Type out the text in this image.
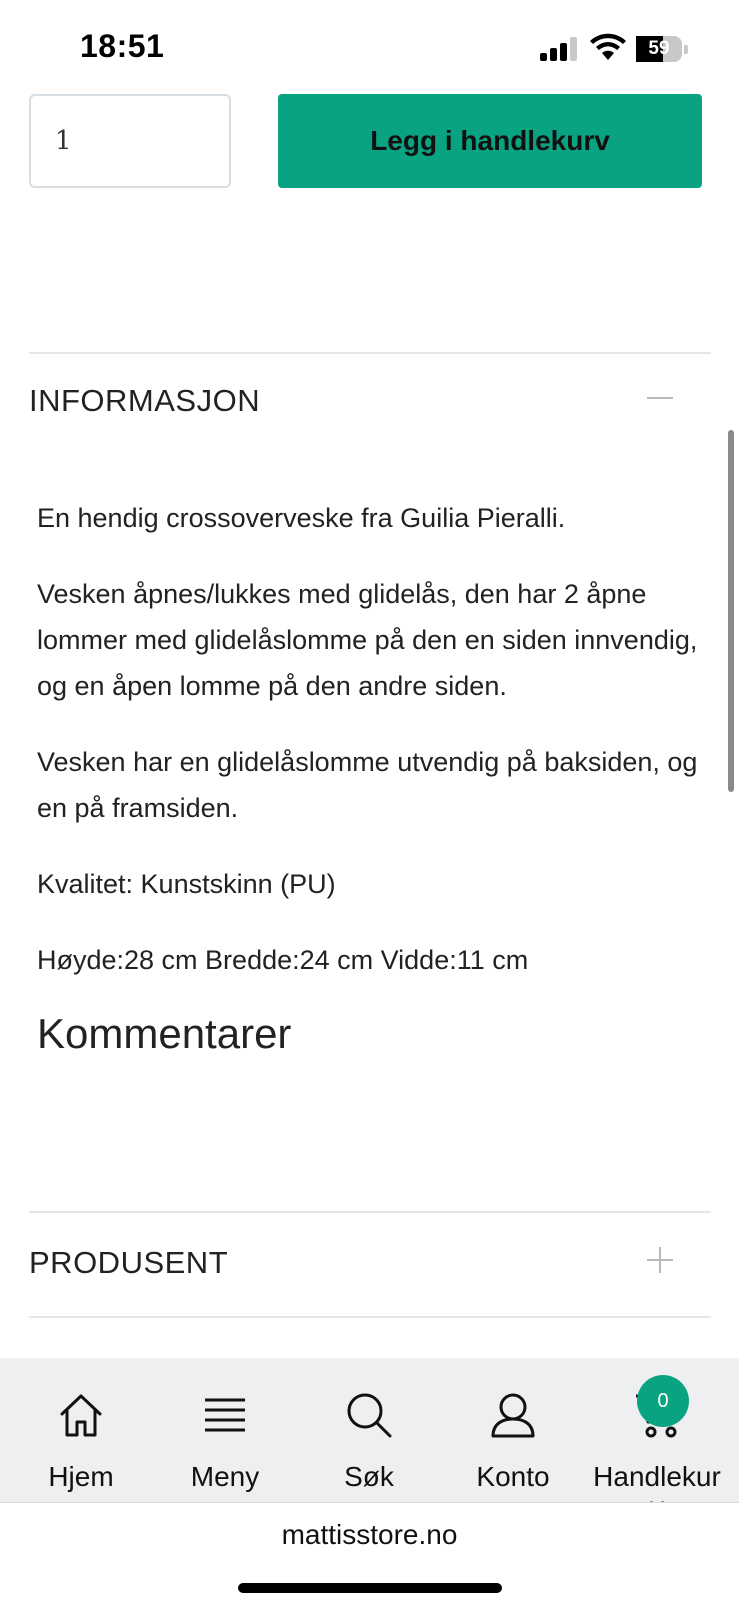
18:51	59
1
Legg i handlekurv
INFORMASJON

En hendig crossoverveske fra Guilia Pieralli.

Vesken åpnes/lukkes med glidelås, den har 2 åpne lommer med glidelåslomme på den en siden innvendig, og en åpen lomme på den andre siden.

Vesken har en glidelåslomme utvendig på baksiden, og en på framsiden.

Kvalitet: Kunstskinn (PU)

Høyde:28 cm Bredde:24 cm Vidde:11 cm

Kommentarer
PRODUSENT
Hjem	Meny	Søk	Konto	Handlekur
0
mattisstore.no
